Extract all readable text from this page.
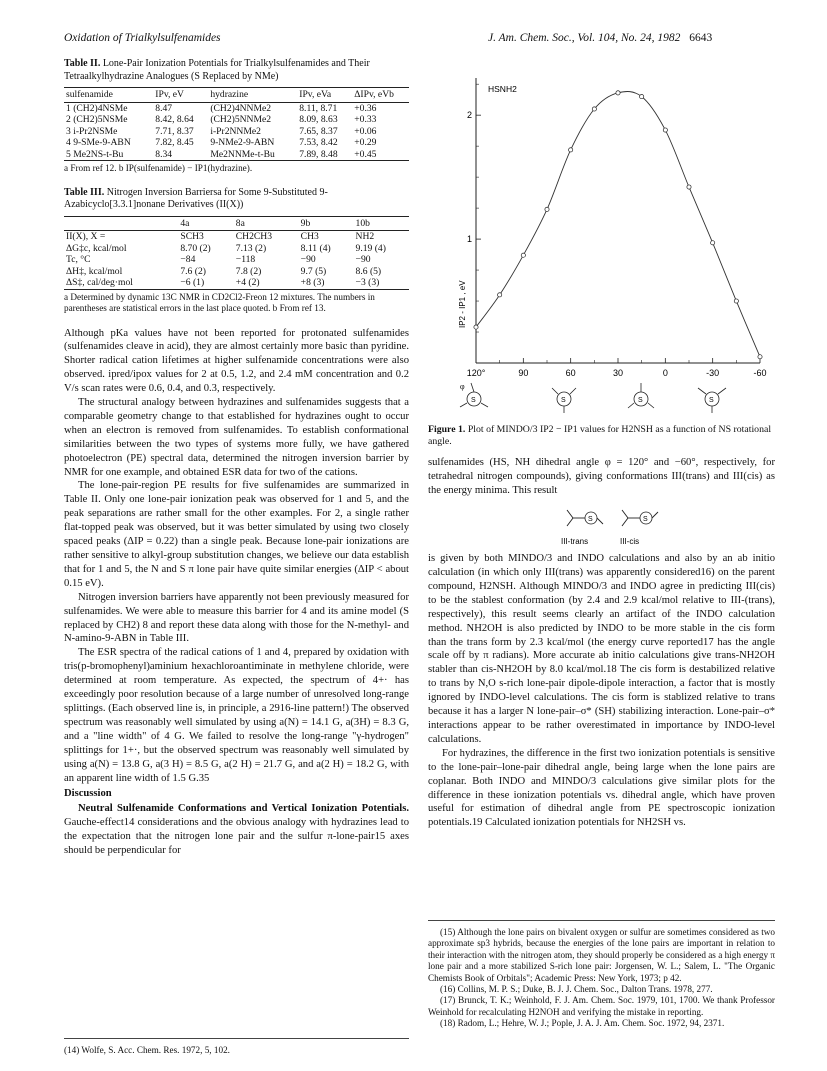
Oxidation of Trialkylsulfenamides	J. Am. Chem. Soc., Vol. 104, No. 24, 1982 6643
Table II. Lone-Pair Ionization Potentials for Trialkylsulfenamides and Their Tetraalkylhydrazine Analogues (S Replaced by NMe)
sulfenamide	IPv, eV	hydrazine	IPv, eVa	ΔIPv, eVb
1 (CH2)4NSMe	8.47	(CH2)4NNMe2	8.11, 8.71	+0.36
2 (CH2)5NSMe	8.42, 8.64	(CH2)5NNMe2	8.09, 8.63	+0.33
3 i-Pr2NSMe	7.71, 8.37	i-Pr2NNMe2	7.65, 8.37	+0.06
4 9-SMe-9-ABN	7.82, 8.45	9-NMe2-9-ABN	7.53, 8.42	+0.29
5 Me2NS-t-Bu	8.34	Me2NNMe-t-Bu	7.89, 8.48	+0.45
a From ref 12. b IP(sulfenamide) − IP1(hydrazine).
Table III. Nitrogen Inversion Barriersa for Some 9-Substituted 9-Azabicyclo[3.3.1]nonane Derivatives (II(X))
	4a	8a	9b	10b
II(X), X =	SCH3	CH2CH3	CH3	NH2
ΔG‡c, kcal/mol	8.70 (2)	7.13 (2)	8.11 (4)	9.19 (4)
Tc, °C	−84	−118	−90	−90
ΔH‡, kcal/mol	7.6 (2)	7.8 (2)	9.7 (5)	8.6 (5)
ΔS‡, cal/deg·mol	−6 (1)	+4 (2)	+8 (3)	−3 (3)
a Determined by dynamic 13C NMR in CD2Cl2-Freon 12 mixtures. The numbers in parentheses are statistical errors in the last place quoted. b From ref 13.

Although pKa values have not been reported for protonated sulfenamides (sulfenamides cleave in acid), they are almost certainly more basic than pyridine. Shorter radical cation lifetimes at higher sulfenamide concentrations were also observed. ipred/ipox values for 2 at 0.5, 1.2, and 2.4 mM concentration and 0.2 V/s scan rates were 0.6, 0.4, and 0.3, respectively.

The structural analogy between hydrazines and sulfenamides suggests that a comparable geometry change to that established for hydrazines ought to occur when an electron is removed from sulfenamides. To establish conformational similarities between the two types of systems more fully, we have gathered photoelectron (PE) spectral data, determined the nitrogen inversion barrier by NMR for one example, and obtained ESR data for two of the cations.

The lone-pair-region PE results for five sulfenamides are summarized in Table II. Only one lone-pair ionization peak was observed for 1 and 5, and the peak separations are rather small for the other examples. For 2, a single rather flat-topped peak was observed, but it was better simulated by using two closely spaced peaks (ΔIP = 0.22) than a single peak. Because lone-pair ionizations are rather sensitive to alkyl-group substitution changes, we believe our data establish that for 1 and 5, the N and S π lone pair have quite similar energies (ΔIP < about 0.15 eV).

Nitrogen inversion barriers have apparently not been previously measured for sulfenamides. We were able to measure this barrier for 4 and its amine model (S replaced by CH2) 8 and report these data along with those for the N-methyl- and N-amino-9-ABN in Table III.

The ESR spectra of the radical cations of 1 and 4, prepared by oxidation with tris(p-bromophenyl)aminium hexachloroantiminate in methylene chloride, were determined at room temperature. As expected, the spectrum of 4+· has exceedingly poor resolution because of a large number of unresolved long-range splittings. (Each observed line is, in principle, a 2916-line pattern!) The observed spectrum was reasonably well simulated by using a(N) = 14.1 G, a(3H) = 8.3 G, and a "line width" of 4 G. We failed to resolve the long-range "γ-hydrogen" splittings for 1+·, but the observed spectrum was reasonably well simulated by using a(N) = 13.8 G, a(3 H) = 8.5 G, a(2 H) = 21.7 G, and a(2 H) = 18.2 G, with an apparent line width of 1.5 G.35

Discussion

Neutral Sulfenamide Conformations and Vertical Ionization Potentials. Gauche-effect14 considerations and the obvious analogy with hydrazines lead to the expectation that the nitrogen lone pair and the sulfur π-lone-pair15 axes should be perpendicular for

(14) Wolfe, S. Acc. Chem. Res. 1972, 5, 102.
120°	90	60	30	0	-30	-60
1
2
HSNH2
IP2 - IP1 , eV
φ
S	S	S	S
Figure 1. Plot of MINDO/3 IP2 − IP1 values for H2NSH as a function of NS rotational angle.

sulfenamides (HS, NH dihedral angle φ = 120° and −60°, respectively, for tetrahedral nitrogen compounds), giving conformations III(trans) and III(cis) as the energy minima. This result

S
III-trans
S
III-cis

is given by both MINDO/3 and INDO calculations and also by an ab initio calculation (in which only III(trans) was apparently considered16) on the parent compound, H2NSH. Although MINDO/3 and INDO agree in predicting III(cis) to be the stablest conformation (by 2.4 and 2.9 kcal/mol relative to III-(trans), respectively), this result seems clearly an artifact of the INDO calculation method. NH2OH is also predicted by INDO to be more stable in the cis form than the trans form by 2.3 kcal/mol (the energy curve reported17 has the angle scale off by π radians). More accurate ab initio calculations give trans-NH2OH stabler than cis-NH2OH by 8.0 kcal/mol.18 The cis form is destabilized relative to trans by N,O s-rich lone-pair dipole-dipole interaction, a factor that is mostly ignored by INDO-level calculations. The cis form is stablized relative to trans because it has a larger N lone-pair–σ* (SH) stabilizing interaction. Lone-pair–σ* interactions appear to be rather overestimated in importance by INDO-level calculations.

For hydrazines, the difference in the first two ionization potentials is sensitive to the lone-pair–lone-pair dihedral angle, being large when the lone pairs are coplanar. Both INDO and MINDO/3 calculations give similar plots for the difference in these ionization potentials vs. dihedral angle, which have proven useful for estimation of dihedral angle from PE spectroscopic ionization potentials.19 Calculated ionization potentials for NH2SH vs.

(15) Although the lone pairs on bivalent oxygen or sulfur are sometimes considered as two approximate sp3 hybrids, because the energies of the lone pairs are important in relation to their interaction with the nitrogen atom, they should properly be considered as a high energy π lone pair and a more stabilized S-rich lone pair: Jorgensen, W. L.; Salem, L. "The Organic Chemists Book of Orbitals"; Academic Press: New York, 1973; p 42.
(16) Collins, M. P. S.; Duke, B. J. J. Chem. Soc., Dalton Trans. 1978, 277.
(17) Brunck, T. K.; Weinhold, F. J. Am. Chem. Soc. 1979, 101, 1700. We thank Professor Weinhold for recalculating H2NOH and verifying the mistake in reporting.
(18) Radom, L.; Hehre, W. J.; Pople, J. A. J. Am. Chem. Soc. 1972, 94, 2371.
